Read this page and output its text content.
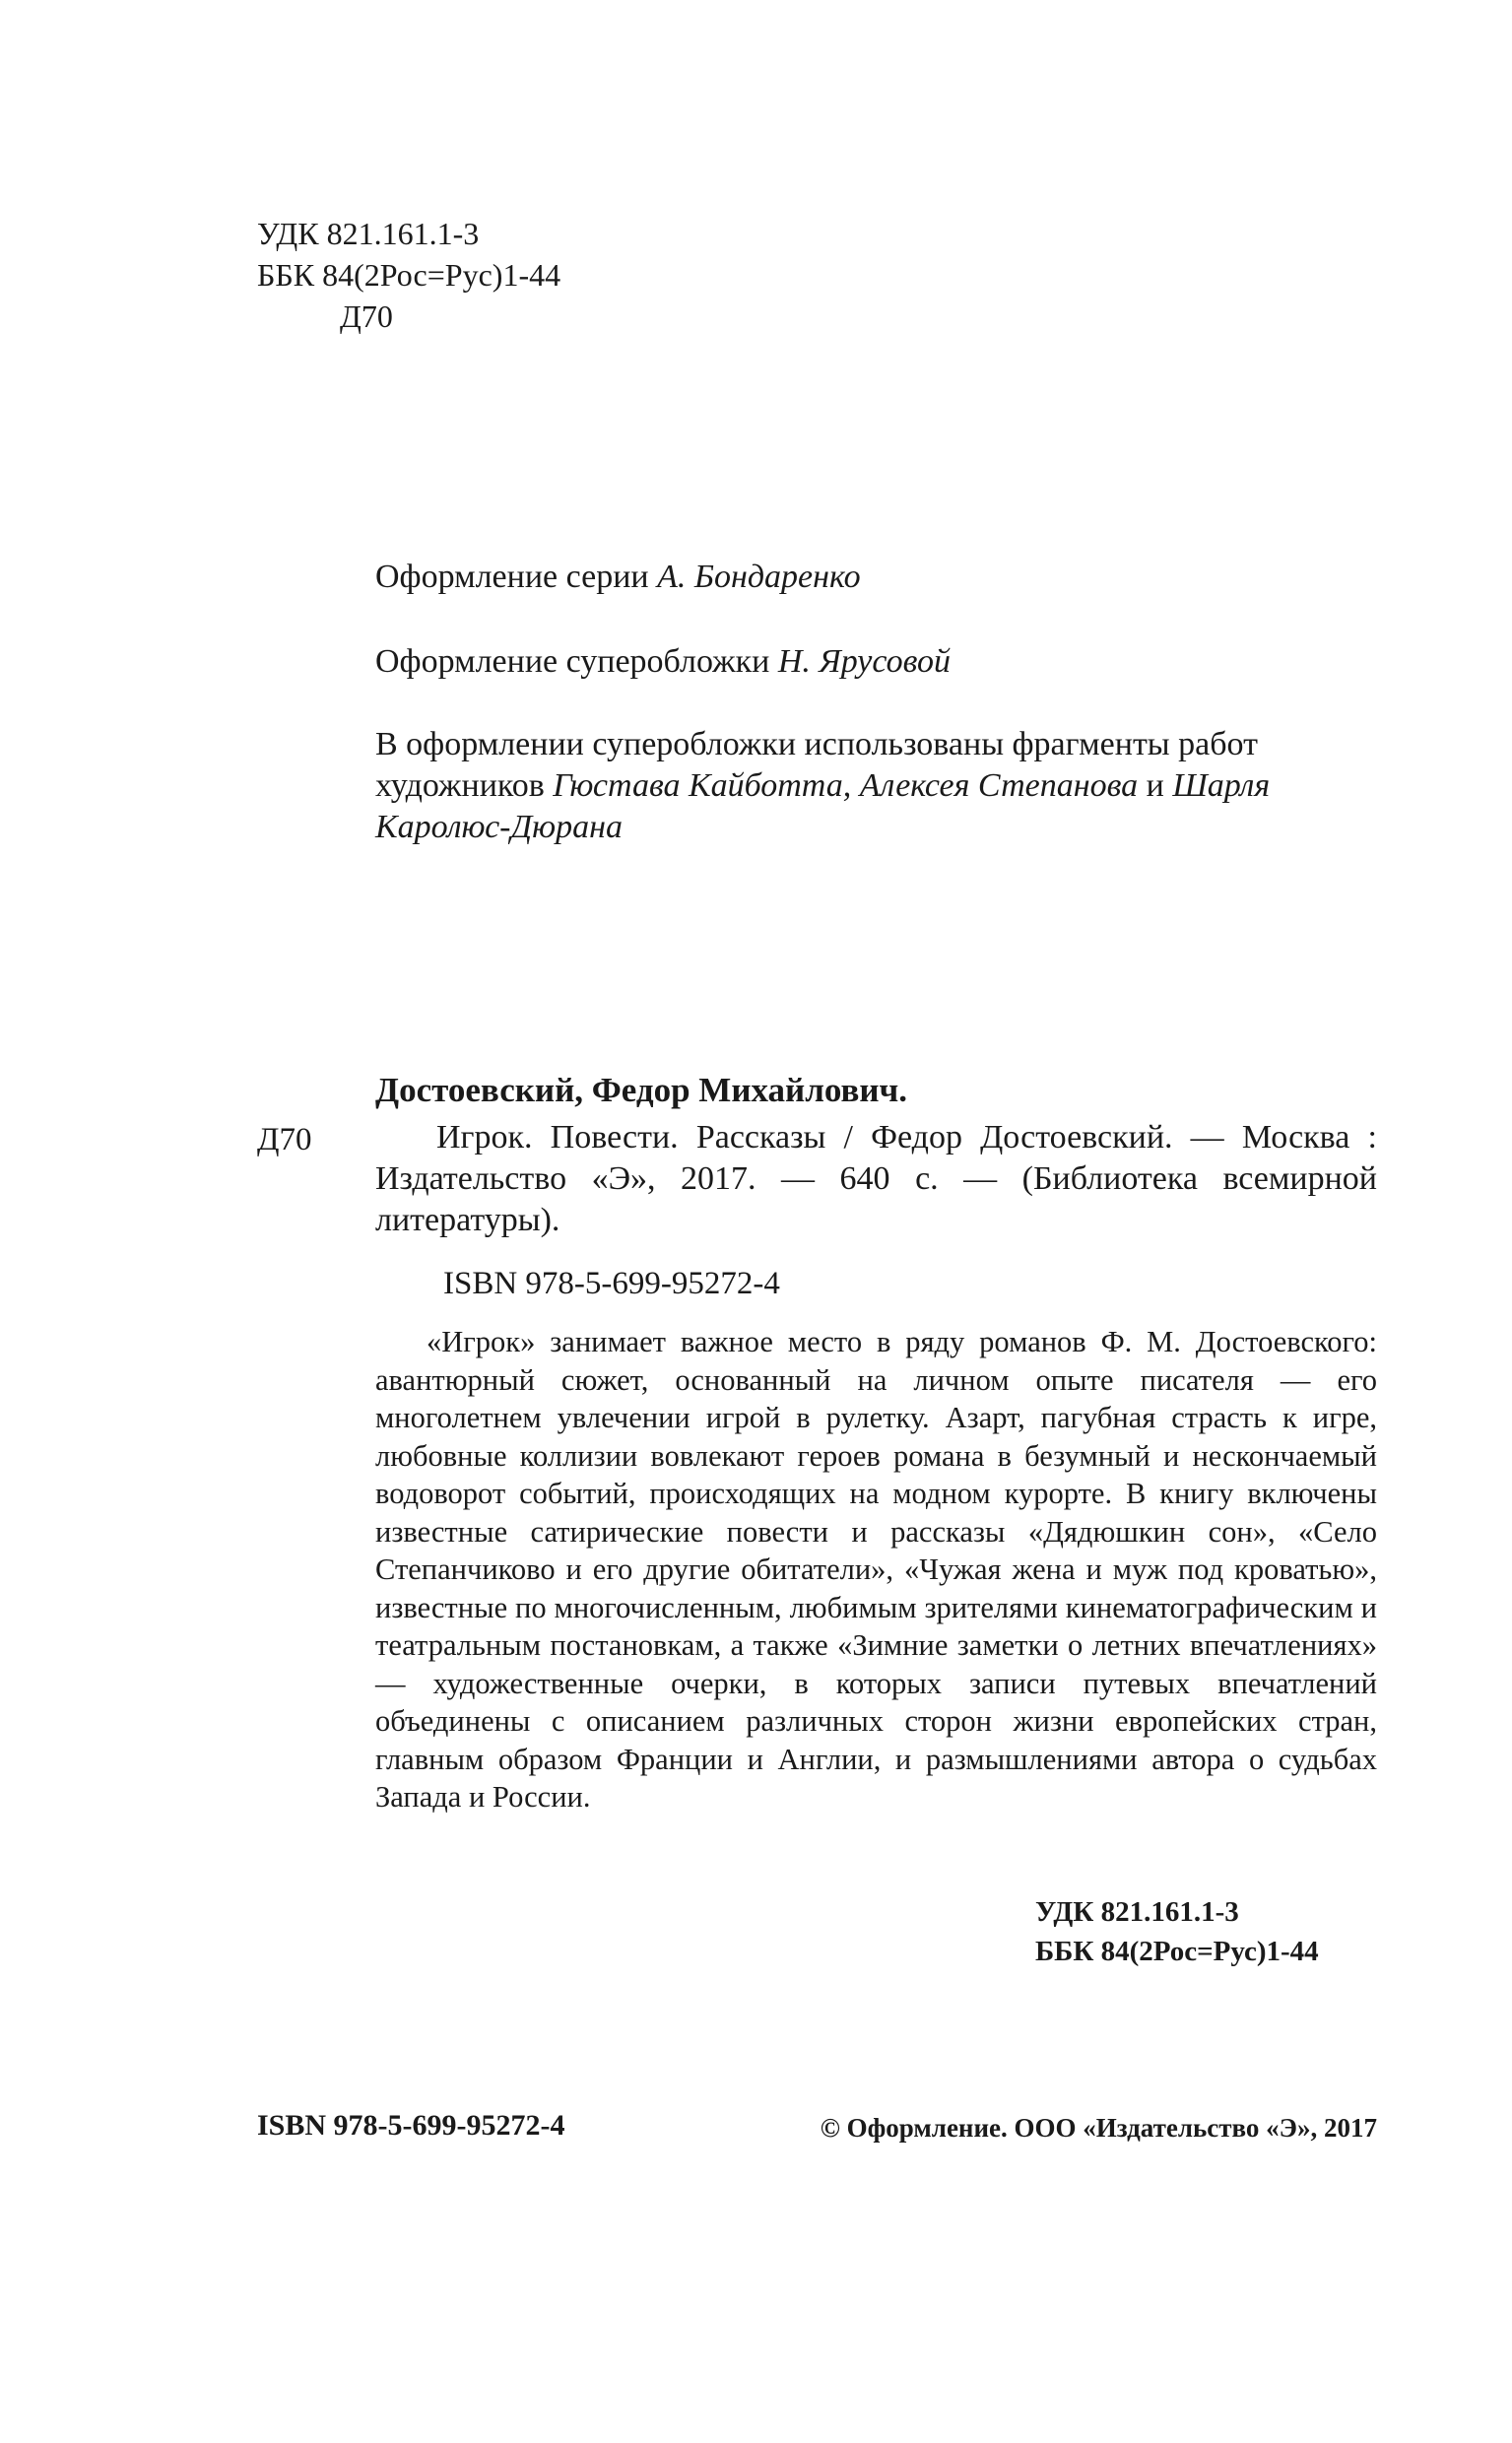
УДК 821.161.1-3
ББК 84(2Рос=Рус)1-44
Д70
Оформление серии А. Бондаренко
Оформление суперобложки Н. Ярусовой
В оформлении суперобложки использованы фрагменты работ художников Гюстава Кайботта, Алексея Степанова и Шарля Каролюс-Дюрана
Достоевский, Федор Михайлович.
Д70	Игрок. Повести. Рассказы / Федор Достоевский. — Москва : Издательство «Э», 2017. — 640 с. — (Библиотека всемирной литературы).
ISBN 978-5-699-95272-4
«Игрок» занимает важное место в ряду романов Ф. М. Достоевского: авантюрный сюжет, основанный на личном опыте писателя — его многолетнем увлечении игрой в рулетку. Азарт, пагубная страсть к игре, любовные коллизии вовлекают героев романа в безумный и нескончаемый водоворот событий, происходящих на модном курорте. В книгу включены известные сатирические повести и рассказы «Дядюшкин сон», «Село Степанчиково и его другие обитатели», «Чужая жена и муж под кроватью», известные по многочисленным, любимым зрителями кинематографическим и театральным постановкам, а также «Зимние заметки о летних впечатлениях» — художественные очерки, в которых записи путевых впечатлений объединены с описанием различных сторон жизни европейских стран, главным образом Франции и Англии, и размышлениями автора о судьбах Запада и России.
УДК 821.161.1-3
ББК 84(2Рос=Рус)1-44
ISBN 978-5-699-95272-4	© Оформление. ООО «Издательство «Э», 2017
